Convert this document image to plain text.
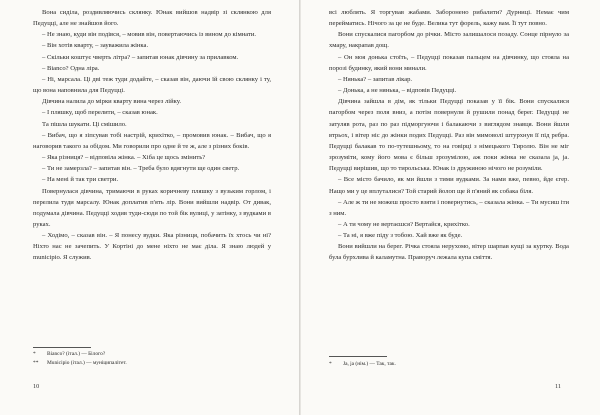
Вона сиділа, роздивляючись склянку. Юнак вийшов надвір зі склянкою для Педуцці, але не знайшов його.

– Не знаю, куди він подівся, – мовив він, повертаючись із вином до кімнати.

– Він хотів кварту, – зауважила жінка.

– Скільки коштує чверть літра? – запитав юнак дівчину за прилавком.

– Bianco? Одна ліра.

– Ні, марсала. Ці дві теж туди додайте, – сказав він, даючи їй свою склянку і ту, що вона наповнила для Педуцці.

Дівчина налила до мірки кварту вина через лійку.

– І пляшку, щоб перелити, – сказав юнак.

Та пішла шукати. Ці смішило.

– Вибач, що я зіпсував тобі настрій, крихітко, – промовив юнак. – Вибач, що я наговорив такого за обідом. Ми говорили про одне й те ж, але з різних боків.

– Яка різниця? – відповіла жінка. – Хіба це щось змінить?

– Ти не замерзла? – запитав він. – Треба було вдягнути ще один светр.

– На мені й так три светри.

Повернулася дівчина, тримаючи в руках коричневу пляшку з вузьким горлом, і перелила туди марсалу. Юнак доплатив п'ять лір. Вони вийшли надвір. От дивак, подумала дівчина. Педуцці ходив туди-сюди по той бік вулиці, у затінку, з вудками в руках.

– Ходімо, – сказав він. – Я понесу вудки. Яка різниця, побачить їх хтось чи ні? Ніхто нас не зачепить. У Кортіні до мене ніхто не має діла. Я знаю людей у municipio. Я служив.

*	Bianco? (італ.) — Білого?
**	Municipio (італ.) — муніципалітет.
10

всі люблять. Я торгував жабами. Заборонено рибалити? Дурниці. Немає чим перейматись. Нічого за це не буде. Велика тут форель, кажу вам. Її тут повно.

Вони спускалися пагорбом до річки. Місто залишалося позаду. Сонце пірнуло за хмару, накрапав дощ.

– Он моя донька стоїть, – Педуцці показав пальцем на дівчинку, що стояла на порозі будинку, який вони минали.

– Нянька? – запитав лікар.

– Донька, а не нянька, – відповів Педуцці.

Дівчина зайшла в дім, як тільки Педуцці показав у її бік. Вони спускалися пагорбом через поля вниз, а потім повернули й рушили понад берег. Педуцці не затуляв рота, раз по раз підморгуючи і балакаючи з виглядом знавця. Вони йшли втрьох, і вітер ніс до жінки подих Педуцці. Раз він мимоволі штурхнув її під ребра. Педуцці балакав то по-тутешньому, то на говірці з німецького Тиролю. Він не міг зрозуміти, кому його мова є більш зрозумілою, аж поки жінка не сказала ja, ja. Педуцці вирішив, що то тирольська. Юнак із дружиною нічого не розуміли.

– Все місто бачило, як ми йшли з тими вудками. За нами вже, певно, йде єгер. Нащо ми у це вплуталися? Той старий йолоп ще й п'яний як собака біля.

– Але ж ти не можеш просто взяти і повернутись, – сказала жінка. – Ти мусиш іти з ним.

– А ти чому не вертаєшся? Вертайся, крихітко.

– Та ні, я вже піду з тобою. Хай вже як буде.

Вони вийшли на берег. Річка стояла нерухомо, вітер шарпав кущі за куртку. Вода була бурхлива й каламутна. Праворуч лежала купа сміття.

*	Ja, ja (нім.) — Так, так.
11
